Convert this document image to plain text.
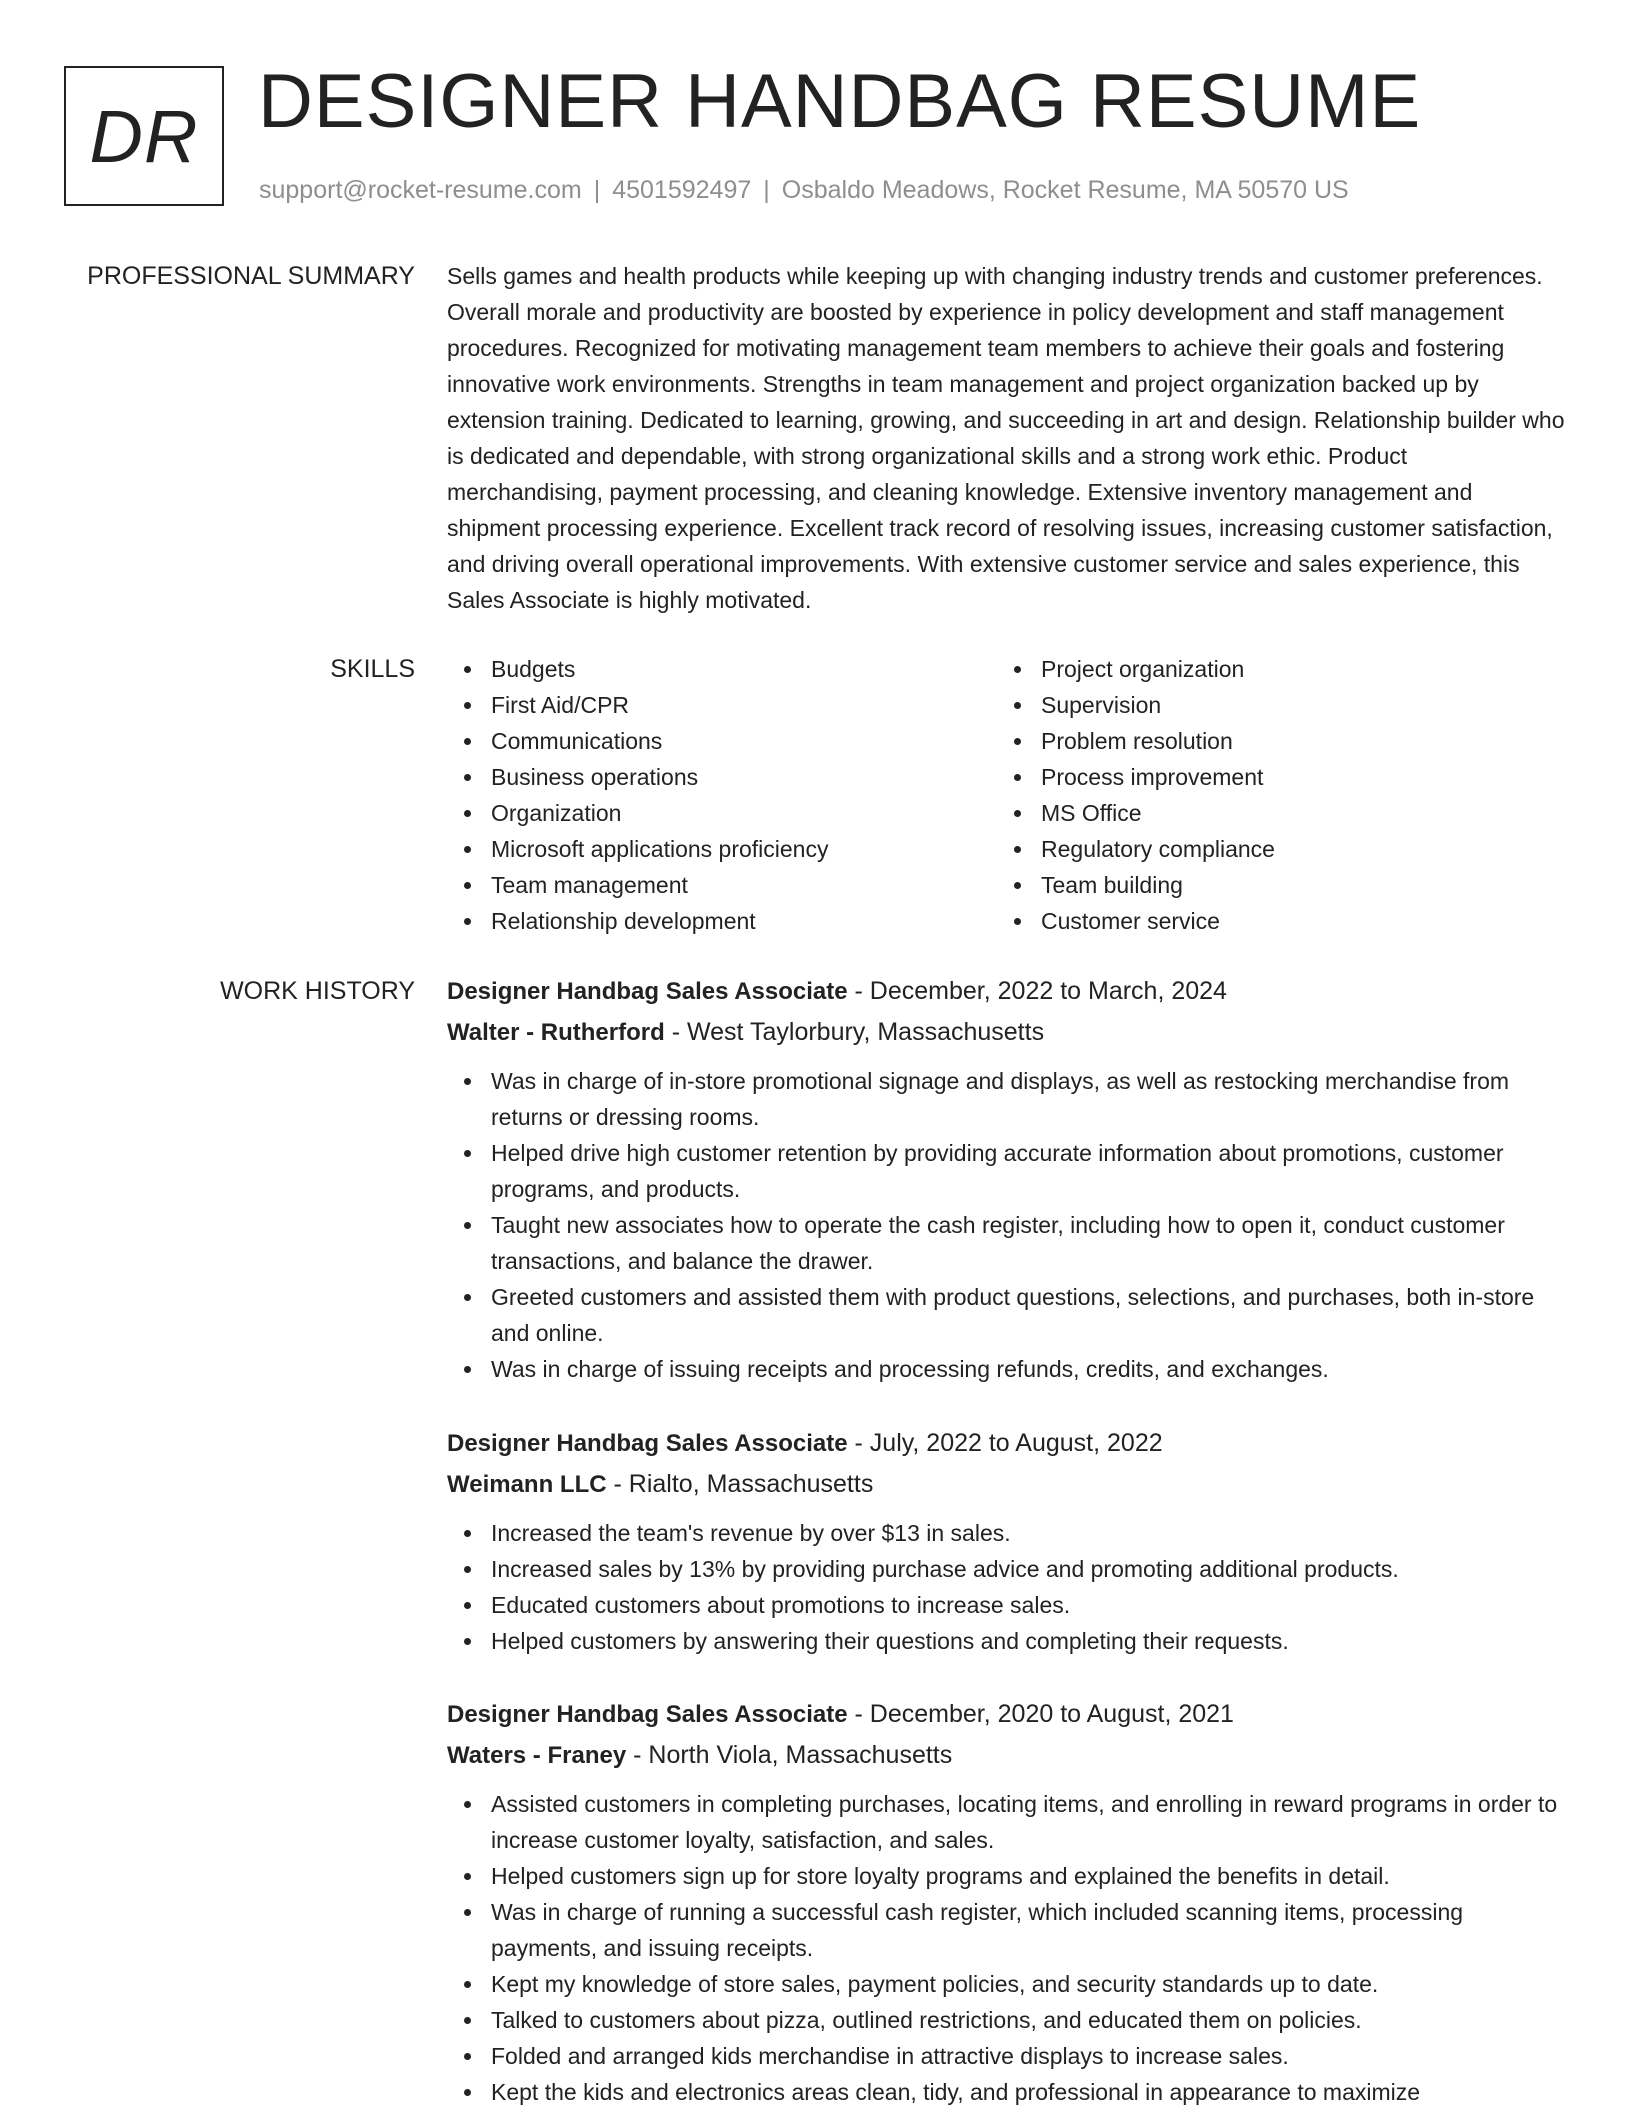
DR DESIGNER HANDBAG RESUME
support@rocket-resume.com | 4501592497 | Osbaldo Meadows, Rocket Resume, MA 50570 US
PROFESSIONAL SUMMARY Sells games and health products while keeping up with changing industry trends and customer preferences. Overall morale and productivity are boosted by experience in policy development and staff management procedures. Recognized for motivating management team members to achieve their goals and fostering innovative work environments. Strengths in team management and project organization backed up by extension training. Dedicated to learning, growing, and succeeding in art and design. Relationship builder who is dedicated and dependable, with strong organizational skills and a strong work ethic. Product merchandising, payment processing, and cleaning knowledge. Extensive inventory management and shipment processing experience. Excellent track record of resolving issues, increasing customer satisfaction, and driving overall operational improvements. With extensive customer service and sales experience, this Sales Associate is highly motivated.

SKILLS	Budgets
First Aid/CPR
Communications
Business operations
Organization
Microsoft applications proficiency
Team management
Relationship development
Project organization
Supervision
Problem resolution
Process improvement
MS Office
Regulatory compliance
Team building
Customer service
WORK HISTORY Designer Handbag Sales Associate - December, 2022 to March, 2024
Walter - Rutherford - West Taylorbury, Massachusetts
Was in charge of in-store promotional signage and displays, as well as restocking merchandise from returns or dressing rooms.
Helped drive high customer retention by providing accurate information about promotions, customer programs, and products.
Taught new associates how to operate the cash register, including how to open it, conduct customer transactions, and balance the drawer.
Greeted customers and assisted them with product questions, selections, and purchases, both in-store and online.
Was in charge of issuing receipts and processing refunds, credits, and exchanges.
Designer Handbag Sales Associate - July, 2022 to August, 2022
Weimann LLC - Rialto, Massachusetts
Increased the team's revenue by over $13 in sales.
Increased sales by 13% by providing purchase advice and promoting additional products.
Educated customers about promotions to increase sales.
Helped customers by answering their questions and completing their requests.
Designer Handbag Sales Associate - December, 2020 to August, 2021
Waters - Franey - North Viola, Massachusetts
Assisted customers in completing purchases, locating items, and enrolling in reward programs in order to increase customer loyalty, satisfaction, and sales.
Helped customers sign up for store loyalty programs and explained the benefits in detail.
Was in charge of running a successful cash register, which included scanning items, processing payments, and issuing receipts.
Kept my knowledge of store sales, payment policies, and security standards up to date.
Talked to customers about pizza, outlined restrictions, and educated them on policies.
Folded and arranged kids merchandise in attractive displays to increase sales.
Kept the kids and electronics areas clean, tidy, and professional in appearance to maximize
